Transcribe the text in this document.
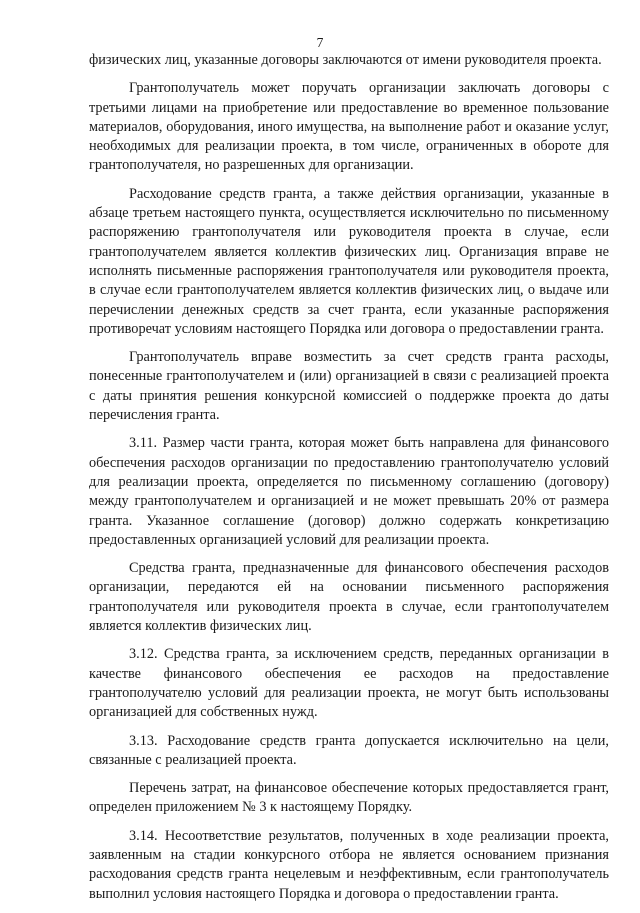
7

физических лиц, указанные договоры заключаются от имени руководителя проекта.

Грантополучатель может поручать организации заключать договоры с третьими лицами на приобретение или предоставление во временное пользование материалов, оборудования, иного имущества, на выполнение работ и оказание услуг, необходимых для реализации проекта, в том числе, ограниченных в обороте для грантополучателя, но разрешенных для организации.

Расходование средств гранта, а также действия организации, указанные в абзаце третьем настоящего пункта, осуществляется исключительно по письменному распоряжению грантополучателя или руководителя проекта в случае, если грантополучателем является коллектив физических лиц. Организация вправе не исполнять письменные распоряжения грантополучателя или руководителя проекта, в случае если грантополучателем является коллектив физических лиц, о выдаче или перечислении денежных средств за счет гранта, если указанные распоряжения противоречат условиям настоящего Порядка или договора о предоставлении гранта.

Грантополучатель вправе возместить за счет средств гранта расходы, понесенные грантополучателем и (или) организацией в связи с реализацией проекта с даты принятия решения конкурсной комиссией о поддержке проекта до даты перечисления гранта.

3.11. Размер части гранта, которая может быть направлена для финансового обеспечения расходов организации по предоставлению грантополучателю условий для реализации проекта, определяется по письменному соглашению (договору) между грантополучателем и организацией и не может превышать 20% от размера гранта. Указанное соглашение (договор) должно содержать конкретизацию предоставленных организацией условий для реализации проекта.

Средства гранта, предназначенные для финансового обеспечения расходов организации, передаются ей на основании письменного распоряжения грантополучателя или руководителя проекта в случае, если грантополучателем является коллектив физических лиц.

3.12. Средства гранта, за исключением средств, переданных организации в качестве финансового обеспечения ее расходов на предоставление грантополучателю условий для реализации проекта, не могут быть использованы организацией для собственных нужд.

3.13. Расходование средств гранта допускается исключительно на цели, связанные с реализацией проекта.

Перечень затрат, на финансовое обеспечение которых предоставляется грант, определен приложением № 3 к настоящему Порядку.

3.14. Несоответствие результатов, полученных в ходе реализации проекта, заявленным на стадии конкурсного отбора не является основанием признания расходования средств гранта нецелевым и неэффективным, если грантополучатель выполнил условия настоящего Порядка и договора о предоставлении гранта.
